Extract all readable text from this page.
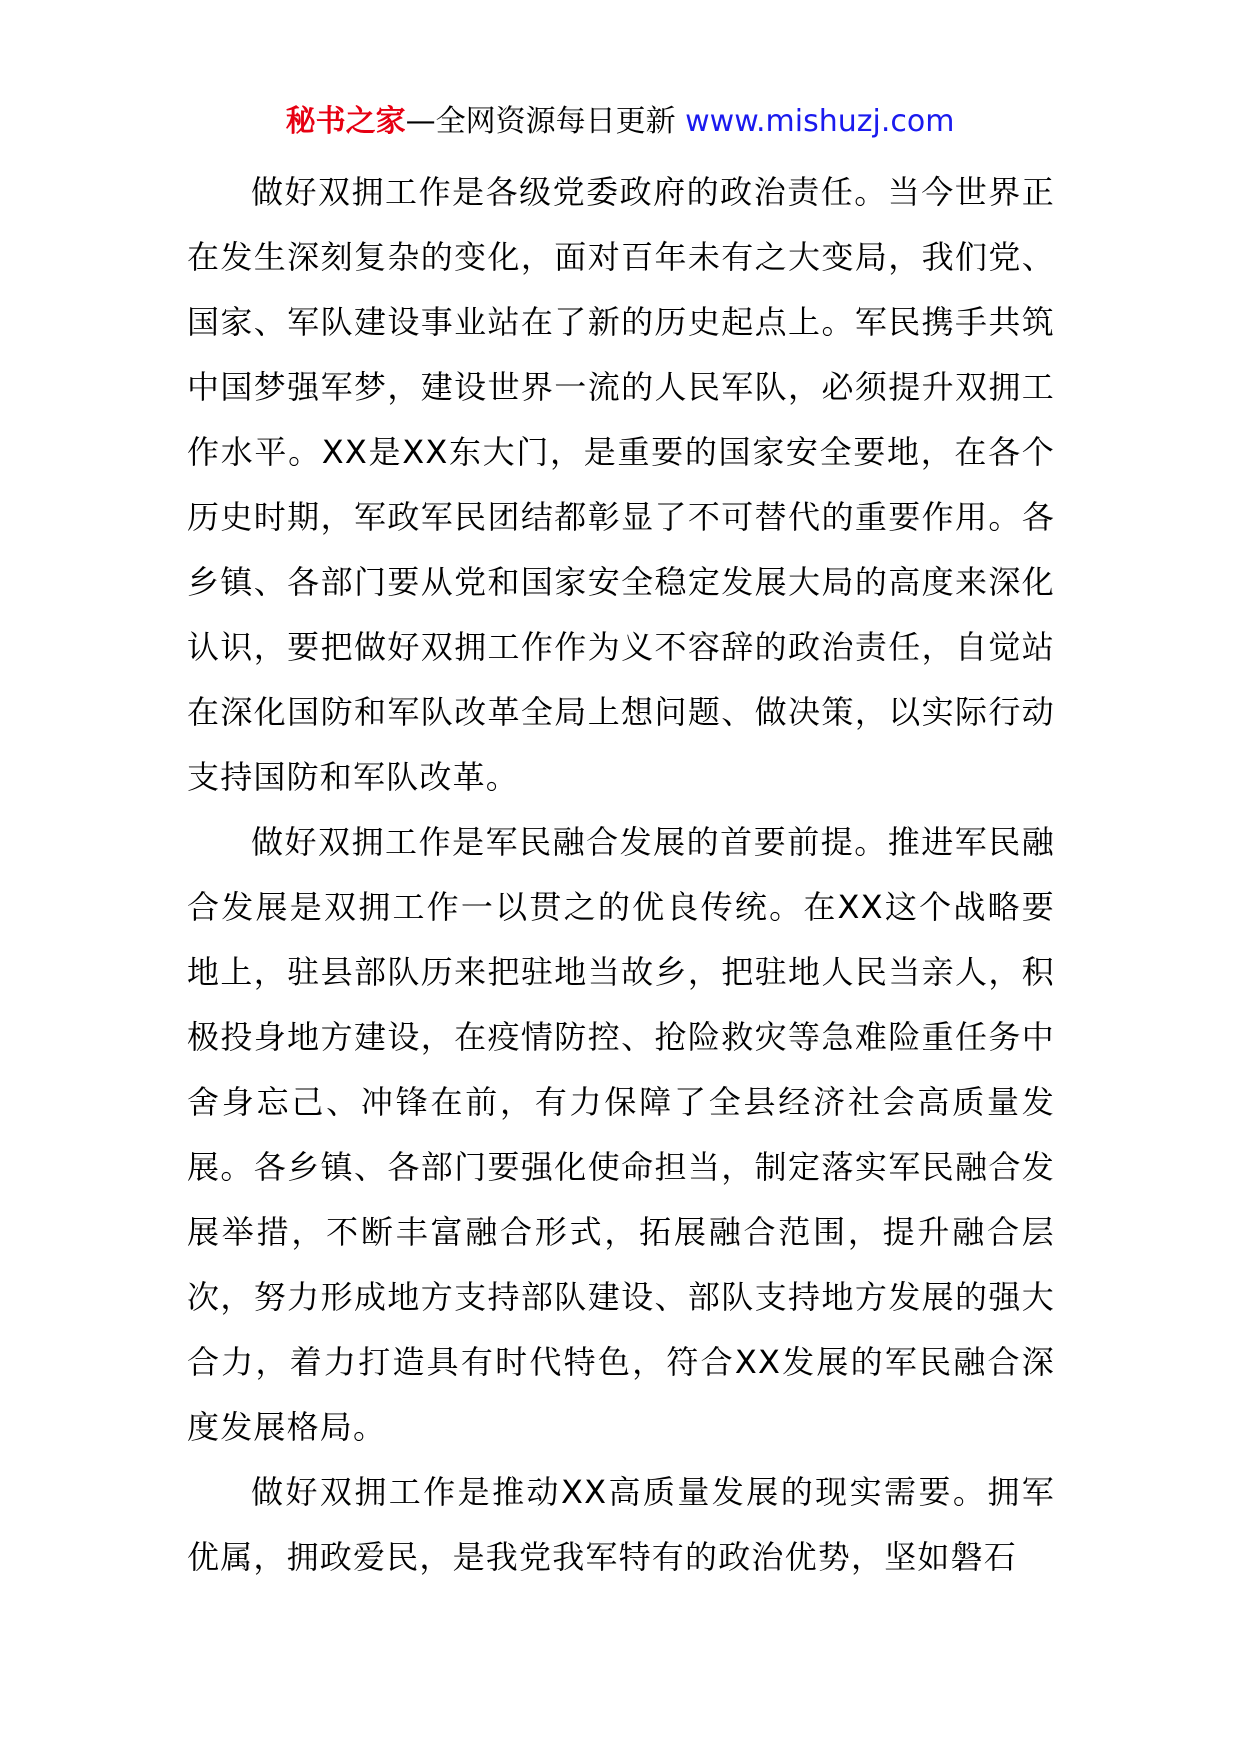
秘书之家—全网资源每日更新 www.mishuzj.com

做好双拥工作是各级党委政府的政治责任。当今世界正在发生深刻复杂的变化，面对百年未有之大变局，我们党、国家、军队建设事业站在了新的历史起点上。军民携手共筑中国梦强军梦，建设世界一流的人民军队，必须提升双拥工作水平。XX是XX东大门，是重要的国家安全要地，在各个历史时期，军政军民团结都彰显了不可替代的重要作用。各乡镇、各部门要从党和国家安全稳定发展大局的高度来深化认识，要把做好双拥工作作为义不容辞的政治责任，自觉站在深化国防和军队改革全局上想问题、做决策，以实际行动支持国防和军队改革。

做好双拥工作是军民融合发展的首要前提。推进军民融合发展是双拥工作一以贯之的优良传统。在XX这个战略要地上，驻县部队历来把驻地当故乡，把驻地人民当亲人，积极投身地方建设，在疫情防控、抢险救灾等急难险重任务中舍身忘己、冲锋在前，有力保障了全县经济社会高质量发展。各乡镇、各部门要强化使命担当，制定落实军民融合发展举措，不断丰富融合形式，拓展融合范围，提升融合层次，努力形成地方支持部队建设、部队支持地方发展的强大合力，着力打造具有时代特色，符合XX发展的军民融合深度发展格局。

做好双拥工作是推动XX高质量发展的现实需要。拥军优属，拥政爱民，是我党我军特有的政治优势，坚如磐石
